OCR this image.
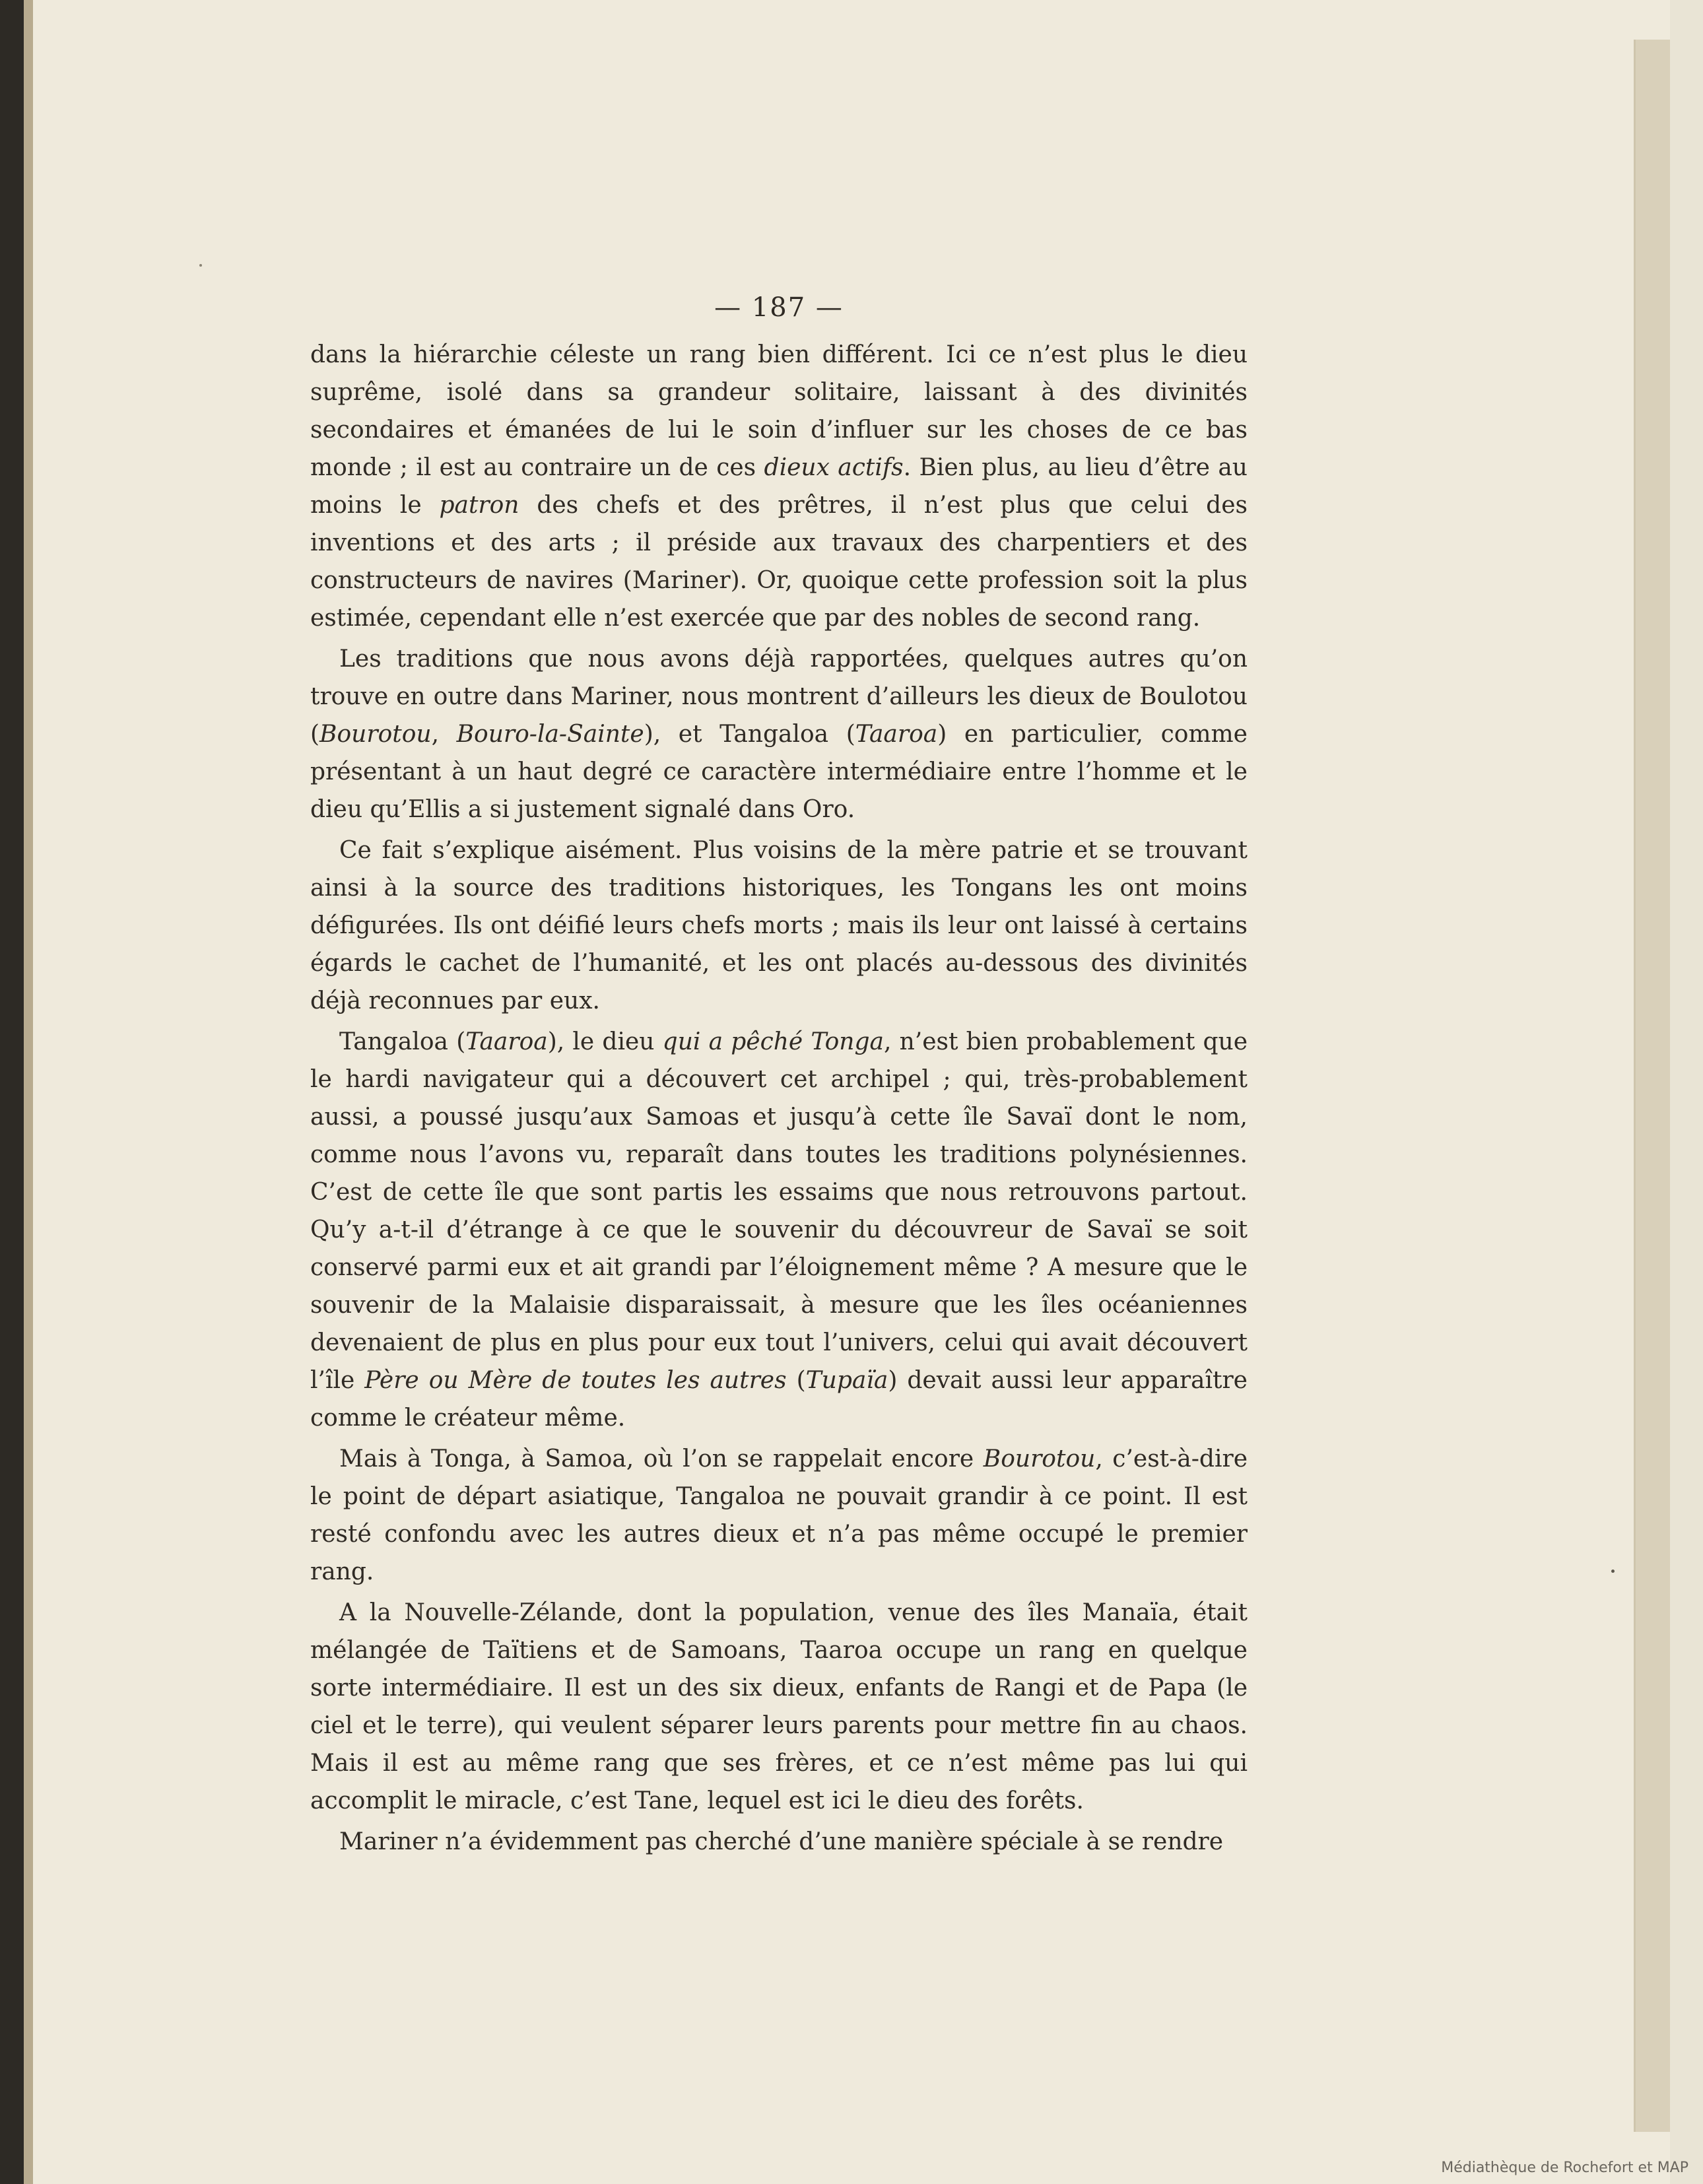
— 187 —

dans la hiérarchie céleste un rang bien différent. Ici ce n’est plus le dieu suprême, isolé dans sa grandeur solitaire, laissant à des divinités secondaires et émanées de lui le soin d’influer sur les choses de ce bas monde ; il est au contraire un de ces dieux actifs. Bien plus, au lieu d’être au moins le patron des chefs et des prêtres, il n’est plus que celui des inventions et des arts ; il préside aux travaux des charpentiers et des constructeurs de navires (Mariner). Or, quoique cette profession soit la plus estimée, cependant elle n’est exercée que par des nobles de second rang.

Les traditions que nous avons déjà rapportées, quelques autres qu’on trouve en outre dans Mariner, nous montrent d’ailleurs les dieux de Boulotou (Bourotou, Bouro-la-Sainte), et Tangaloa (Taaroa) en particulier, comme présentant à un haut degré ce caractère intermédiaire entre l’homme et le dieu qu’Ellis a si justement signalé dans Oro.

Ce fait s’explique aisément. Plus voisins de la mère patrie et se trouvant ainsi à la source des traditions historiques, les Tongans les ont moins défigurées. Ils ont déifié leurs chefs morts ; mais ils leur ont laissé à certains égards le cachet de l’humanité, et les ont placés au-dessous des divinités déjà reconnues par eux.

Tangaloa (Taaroa), le dieu qui a pêché Tonga, n’est bien probablement que le hardi navigateur qui a découvert cet archipel ; qui, très-probablement aussi, a poussé jusqu’aux Samoas et jusqu’à cette île Savaï dont le nom, comme nous l’avons vu, reparaît dans toutes les traditions polynésiennes. C’est de cette île que sont partis les essaims que nous retrouvons partout. Qu’y a-t-il d’étrange à ce que le souvenir du découvreur de Savaï se soit conservé parmi eux et ait grandi par l’éloignement même ? A mesure que le souvenir de la Malaisie disparaissait, à mesure que les îles océaniennes devenaient de plus en plus pour eux tout l’univers, celui qui avait découvert l’île Père ou Mère de toutes les autres (Tupaïa) devait aussi leur apparaître comme le créateur même.

Mais à Tonga, à Samoa, où l’on se rappelait encore Bourotou, c’est-à-dire le point de départ asiatique, Tangaloa ne pouvait grandir à ce point. Il est resté confondu avec les autres dieux et n’a pas même occupé le premier rang.

A la Nouvelle-Zélande, dont la population, venue des îles Manaïa, était mélangée de Taïtiens et de Samoans, Taaroa occupe un rang en quelque sorte intermédiaire. Il est un des six dieux, enfants de Rangi et de Papa (le ciel et le terre), qui veulent séparer leurs parents pour mettre fin au chaos. Mais il est au même rang que ses frères, et ce n’est même pas lui qui accomplit le miracle, c’est Tane, lequel est ici le dieu des forêts.

Mariner n’a évidemment pas cherché d’une manière spéciale à se rendre

Médiathèque de Rochefort et MAP
